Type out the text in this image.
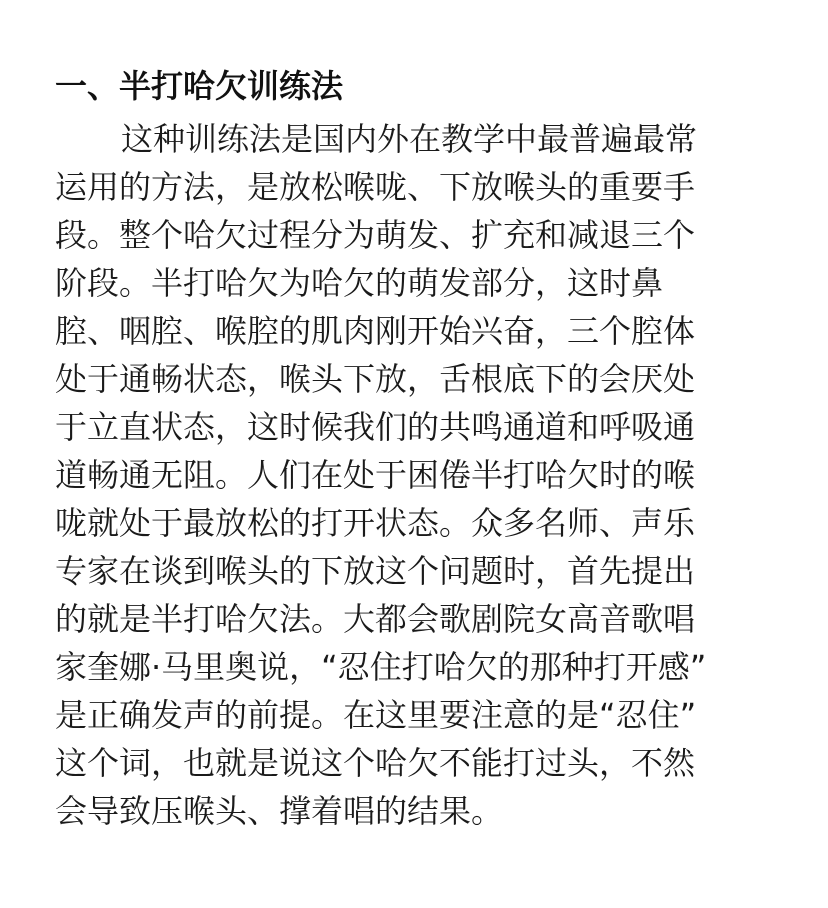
一、半打哈欠训练法
这种训练法是国内外在教学中最普遍最常
运用的方法，是放松喉咙、下放喉头的重要手
段。整个哈欠过程分为萌发、扩充和减退三个
阶段。半打哈欠为哈欠的萌发部分，这时鼻
腔、咽腔、喉腔的肌肉刚开始兴奋，三个腔体
处于通畅状态，喉头下放，舌根底下的会厌处
于立直状态，这时候我们的共鸣通道和呼吸通
道畅通无阻。人们在处于困倦半打哈欠时的喉
咙就处于最放松的打开状态。众多名师、声乐
专家在谈到喉头的下放这个问题时，首先提出
的就是半打哈欠法。大都会歌剧院女高音歌唱
家奎娜·马里奥说，“忍住打哈欠的那种打开感”
是正确发声的前提。在这里要注意的是“忍住”
这个词，也就是说这个哈欠不能打过头，不然
会导致压喉头、撑着唱的结果。
